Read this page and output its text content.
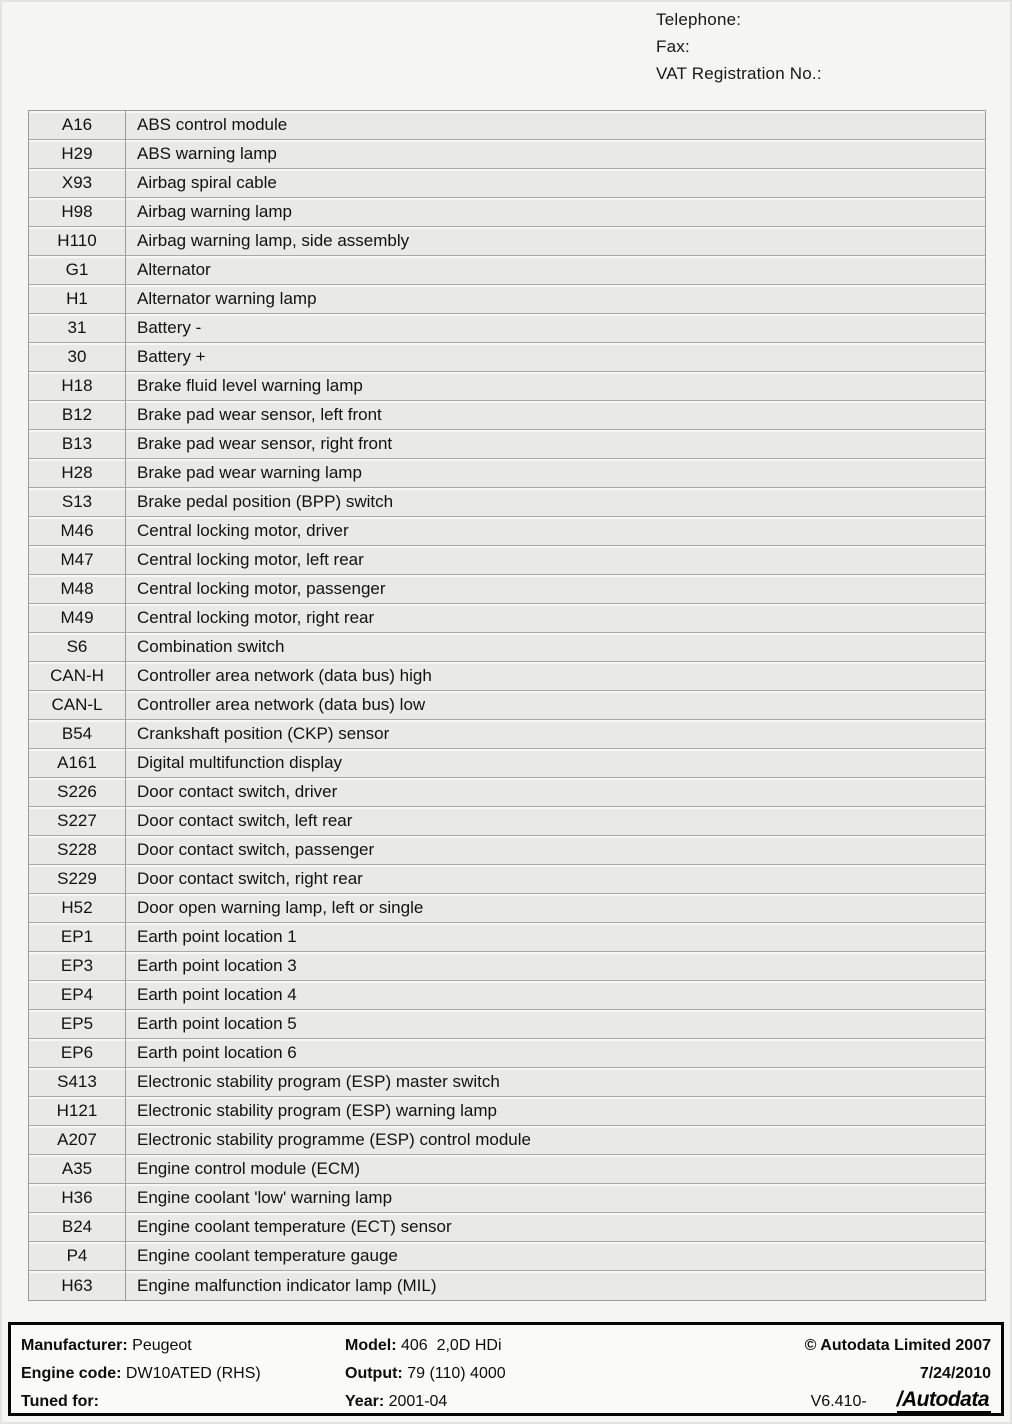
Telephone:
Fax:
VAT Registration No.:
A16	ABS control module
H29	ABS warning lamp
X93	Airbag spiral cable
H98	Airbag warning lamp
H110	Airbag warning lamp, side assembly
G1	Alternator
H1	Alternator warning lamp
31	Battery -
30	Battery +
H18	Brake fluid level warning lamp
B12	Brake pad wear sensor, left front
B13	Brake pad wear sensor, right front
H28	Brake pad wear warning lamp
S13	Brake pedal position (BPP) switch
M46	Central locking motor, driver
M47	Central locking motor, left rear
M48	Central locking motor, passenger
M49	Central locking motor, right rear
S6	Combination switch
CAN-H	Controller area network (data bus) high
CAN-L	Controller area network (data bus) low
B54	Crankshaft position (CKP) sensor
A161	Digital multifunction display
S226	Door contact switch, driver
S227	Door contact switch, left rear
S228	Door contact switch, passenger
S229	Door contact switch, right rear
H52	Door open warning lamp, left or single
EP1	Earth point location 1
EP3	Earth point location 3
EP4	Earth point location 4
EP5	Earth point location 5
EP6	Earth point location 6
S413	Electronic stability program (ESP) master switch
H121	Electronic stability program (ESP) warning lamp
A207	Electronic stability programme (ESP) control module
A35	Engine control module (ECM)
H36	Engine coolant 'low' warning lamp
B24	Engine coolant temperature (ECT) sensor
P4	Engine coolant temperature gauge
H63	Engine malfunction indicator lamp (MIL)
Manufacturer: Peugeot
Engine code: DW10ATED (RHS)
Tuned for:
Model: 406  2,0D HDi
Output: 79 (110) 4000
Year: 2001-04
© Autodata Limited 2007
7/24/2010
V6.410- /Autodata
